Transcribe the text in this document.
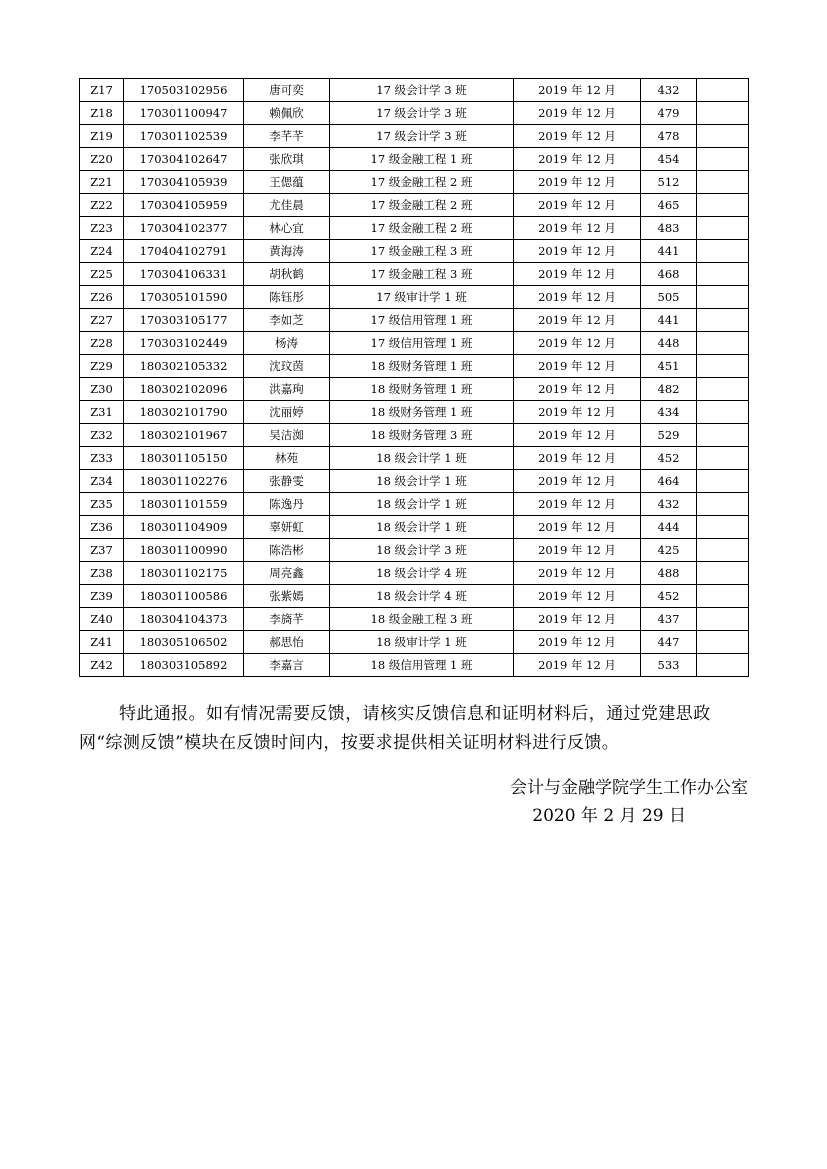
Z17	170503102956	唐可奕	17 级会计学 3 班	2019 年 12 月	432	
Z18	170301100947	赖佩欣	17 级会计学 3 班	2019 年 12 月	479	
Z19	170301102539	李芊芊	17 级会计学 3 班	2019 年 12 月	478	
Z20	170304102647	张欣琪	17 级金融工程 1 班	2019 年 12 月	454	
Z21	170304105939	王偲蕴	17 级金融工程 2 班	2019 年 12 月	512	
Z22	170304105959	尤佳晨	17 级金融工程 2 班	2019 年 12 月	465	
Z23	170304102377	林心宜	17 级金融工程 2 班	2019 年 12 月	483	
Z24	170404102791	黄海涛	17 级金融工程 3 班	2019 年 12 月	441	
Z25	170304106331	胡秋鹤	17 级金融工程 3 班	2019 年 12 月	468	
Z26	170305101590	陈钰彤	17 级审计学 1 班	2019 年 12 月	505	
Z27	170303105177	李如芝	17 级信用管理 1 班	2019 年 12 月	441	
Z28	170303102449	杨涛	17 级信用管理 1 班	2019 年 12 月	448	
Z29	180302105332	沈玟茵	18 级财务管理 1 班	2019 年 12 月	451	
Z30	180302102096	洪嘉珣	18 级财务管理 1 班	2019 年 12 月	482	
Z31	180302101790	沈丽婷	18 级财务管理 1 班	2019 年 12 月	434	
Z32	180302101967	吴洁洳	18 级财务管理 3 班	2019 年 12 月	529	
Z33	180301105150	林苑	18 级会计学 1 班	2019 年 12 月	452	
Z34	180301102276	张静雯	18 级会计学 1 班	2019 年 12 月	464	
Z35	180301101559	陈逸丹	18 级会计学 1 班	2019 年 12 月	432	
Z36	180301104909	辜妍虹	18 级会计学 1 班	2019 年 12 月	444	
Z37	180301100990	陈浩彬	18 级会计学 3 班	2019 年 12 月	425	
Z38	180301102175	周亮鑫	18 级会计学 4 班	2019 年 12 月	488	
Z39	180301100586	张紫嫣	18 级会计学 4 班	2019 年 12 月	452	
Z40	180304104373	李旖芊	18 级金融工程 3 班	2019 年 12 月	437	
Z41	180305106502	郝思怡	18 级审计学 1 班	2019 年 12 月	447	
Z42	180303105892	李嘉言	18 级信用管理 1 班	2019 年 12 月	533	

特此通报。如有情况需要反馈，请核实反馈信息和证明材料后，通过党建思政网“综测反馈”模块在反馈时间内，按要求提供相关证明材料进行反馈。

会计与金融学院学生工作办公室
2020 年 2 月 29 日
